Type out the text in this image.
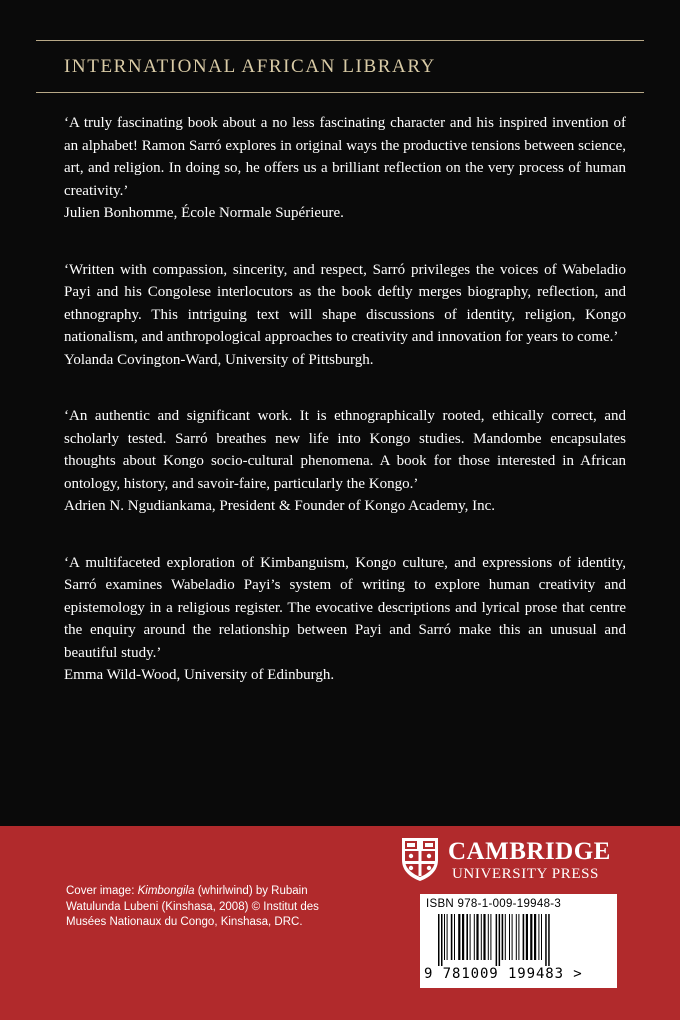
INTERNATIONAL AFRICAN LIBRARY

‘A truly fascinating book about a no less fascinating character and his inspired invention of an alphabet! Ramon Sarró explores in original ways the productive tensions between science, art, and religion. In doing so, he offers us a brilliant reflection on the very process of human creativity.’
Julien Bonhomme, École Normale Supérieure.

‘Written with compassion, sincerity, and respect, Sarró privileges the voices of Wabeladio Payi and his Congolese interlocutors as the book deftly merges biography, reflection, and ethnography. This intriguing text will shape discussions of identity, religion, Kongo nationalism, and anthropological approaches to creativity and innovation for years to come.’
Yolanda Covington-Ward, University of Pittsburgh.

‘An authentic and significant work. It is ethnographically rooted, ethically correct, and scholarly tested. Sarró breathes new life into Kongo studies. Mandombe encapsulates thoughts about Kongo socio-cultural phenomena. A book for those interested in African ontology, history, and savoir-faire, particularly the Kongo.’
Adrien N. Ngudiankama, President & Founder of Kongo Academy, Inc.

‘A multifaceted exploration of Kimbanguism, Kongo culture, and expressions of identity, Sarró examines Wabeladio Payi’s system of writing to explore human creativity and epistemology in a religious register. The evocative descriptions and lyrical prose that centre the enquiry around the relationship between Payi and Sarró make this an unusual and beautiful study.’
Emma Wild-Wood, University of Edinburgh.

CAMBRIDGE
UNIVERSITY PRESS
Cover image: Kimbongila (whirlwind) by Rubain Watulunda Lubeni (Kinshasa, 2008) © Institut des Musées Nationaux du Congo, Kinshasa, DRC.
ISBN 978-1-009-19948-3
9 781009 199483 >
